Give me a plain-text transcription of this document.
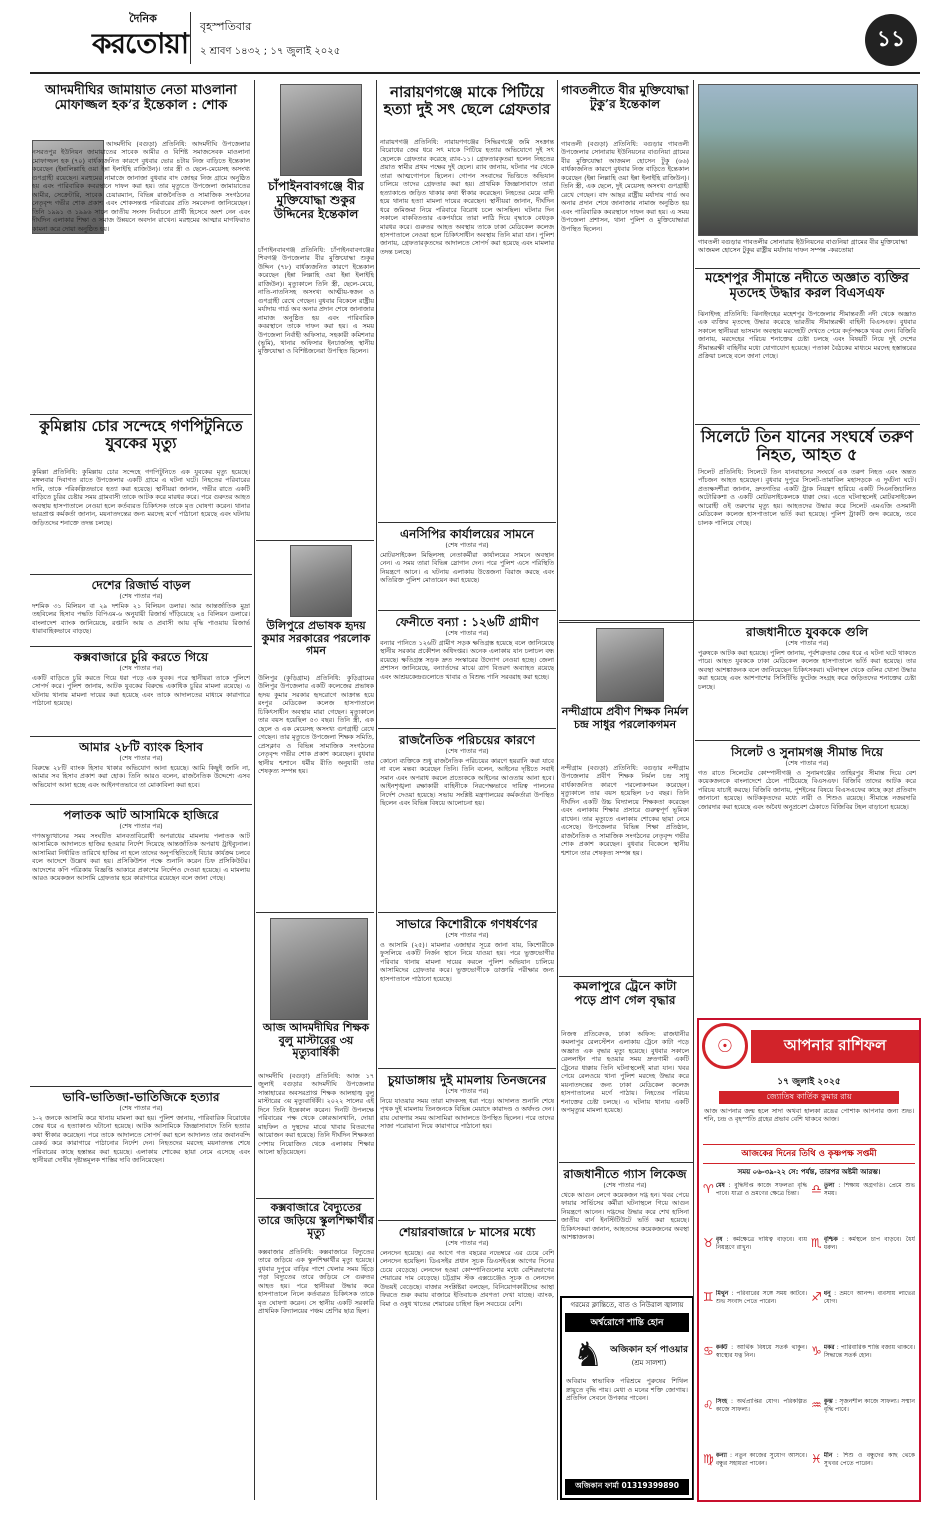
দৈনিক
করতোয়া
বৃহস্পতিবার
২ শ্রাবণ ১৪৩২ ; ১৭ জুলাই ২০২৫	১১
আদমদীঘির জামায়াত নেতা মাওলানা মোফাজ্জল হক’র ইন্তেকাল : শোক
আদমদীঘি (বগুড়া) প্রতিনিধি: আদমদীঘি উপজেলার নসরতপুর ইউনিয়ন জামায়াতের সাবেক আমীর ও বিশিষ্ট সমাজসেবক মাওলানা মোফাজ্জল হক (৭০) বার্ধক্যজনিত কারণে বুধবার ভোর ৪টায় নিজ বাড়িতে ইন্তেকাল করেছেন (ইন্নালিল্লাহি ওয়া ইন্না ইলাইহি রাজিউন)। তার স্ত্রী ও ছেলে-মেয়েসহ অসংখ্য গুণগ্রাহী রয়েছেন। মরহুমের নামাজে জানাজা বুধবার বাদ জোহর নিজ গ্রামে অনুষ্ঠিত হয় এবং পারিবারিক কবরস্থানে দাফন করা হয়। তার মৃত্যুতে উপজেলা জামায়াতের আমীর, সেক্রেটারি, সাবেক চেয়ারম্যান, বিভিন্ন রাজনৈতিক ও সামাজিক সংগঠনের নেতৃবৃন্দ গভীর শোক প্রকাশ এবং শোকসন্তপ্ত পরিবারের প্রতি সমবেদনা জানিয়েছেন। তিনি ১৯৯১ ও ১৯৯৬ সালে জাতীয় সংসদ নির্বাচনে প্রার্থী হিসেবে অংশ নেন এবং দীর্ঘদিন এলাকার শিক্ষা ও সমাজ উন্নয়নে অবদান রাখেন। মরহুমের আত্মার মাগফিরাত কামনা করে দোয়া অনুষ্ঠিত হয়।
কুমিল্লায় চোর সন্দেহে গণপিটুনিতে যুবকের মৃত্যু
কুমিল্লা প্রতিনিধি: কুমিল্লায় চোর সন্দেহে গণপিটুনিতে এক যুবকের মৃত্যু হয়েছে। মঙ্গলবার দিবাগত রাতে উপজেলার একটি গ্রামে এ ঘটনা ঘটে। নিহতের পরিবারের দাবি, তাকে পরিকল্পিতভাবে হত্যা করা হয়েছে। স্থানীয়রা জানান, গভীর রাতে একটি বাড়িতে চুরির চেষ্টার সময় গ্রামবাসী তাকে আটক করে মারধর করে। পরে গুরুতর আহত অবস্থায় হাসপাতালে নেওয়া হলে কর্তব্যরত চিকিৎসক তাকে মৃত ঘোষণা করেন। থানার ভারপ্রাপ্ত কর্মকর্তা জানান, ময়নাতদন্তের জন্য মরদেহ মর্গে পাঠানো হয়েছে এবং ঘটনায় জড়িতদের শনাক্তে তদন্ত চলছে।
দেশের রিজার্ভ বাড়ল
(শেষ পাতার পর)
দশমিক ৩১ মিলিয়ন বা ২৯ দশমিক ২১ বিলিয়ন ডলার। আর আন্তর্জাতিক মুদ্রা তহবিলের হিসাব পদ্ধতি বিপিএম-৬ অনুযায়ী রিজার্ভ দাঁড়িয়েছে ২৪ বিলিয়ন ডলারে। বাংলাদেশ ব্যাংক জানিয়েছে, রপ্তানি আয় ও প্রবাসী আয় বৃদ্ধি পাওয়ায় রিজার্ভ ধারাবাহিকভাবে বাড়ছে।
কক্সবাজারে চুরি করতে গিয়ে
(শেষ পাতার পর)
একটি বাড়িতে চুরি করতে গিয়ে ধরা পড়ে এক যুবক। পরে স্থানীয়রা তাকে পুলিশে সোপর্দ করে। পুলিশ জানায়, আটক যুবকের বিরুদ্ধে একাধিক চুরির মামলা রয়েছে। এ ঘটনায় থানায় মামলা দায়ের করা হয়েছে এবং তাকে আদালতের মাধ্যমে কারাগারে পাঠানো হয়েছে।
আমার ২৮টি ব্যাংক হিসাব
(শেষ পাতার পর)
বিরুদ্ধে ২৮টি ব্যাংক হিসাব থাকার অভিযোগ আনা হয়েছে। আমি কিছুই জানি না, আমার সব হিসাব প্রকাশ করা হোক। তিনি আরও বলেন, রাজনৈতিক উদ্দেশ্যে এসব অভিযোগ আনা হচ্ছে এবং আইনগতভাবে তা মোকাবিলা করা হবে।
পলাতক আট আসামিকে হাজিরে
(শেষ পাতার পর)
গণঅভ্যুত্থানের সময় সংঘটিত মানবতাবিরোধী অপরাধের মামলায় পলাতক আট আসামিকে আদালতে হাজির হওয়ার নির্দেশ দিয়েছে আন্তর্জাতিক অপরাধ ট্রাইব্যুনাল। আসামিরা নির্ধারিত তারিখে হাজির না হলে তাদের অনুপস্থিতিতেই বিচার কার্যক্রম চলবে বলে আদেশে উল্লেখ করা হয়। প্রসিকিউশন পক্ষে শুনানি করেন চিফ প্রসিকিউটর। আদেশের কপি পত্রিকায় বিজ্ঞপ্তি আকারে প্রকাশের নির্দেশও দেওয়া হয়েছে। এ মামলায় আরও কয়েকজন আসামি গ্রেফতার হয়ে কারাগারে রয়েছেন বলে জানা গেছে।
ভাবি-ভাতিজা-ভাতিজিকে হত্যার
(শেষ পাতার পর)
১-২ জনকে আসামি করে থানায় মামলা করা হয়। পুলিশ জানায়, পারিবারিক বিরোধের জের ধরে এ হত্যাকাণ্ড ঘটানো হয়েছে। আটক আসামিকে জিজ্ঞাসাবাদে তিনি হত্যার কথা স্বীকার করেছেন। পরে তাকে আদালতে সোপর্দ করা হলে আদালত তার জবানবন্দি রেকর্ড করে কারাগারে পাঠানোর নির্দেশ দেন। নিহতদের মরদেহ ময়নাতদন্ত শেষে পরিবারের কাছে হস্তান্তর করা হয়েছে। এলাকায় শোকের ছায়া নেমে এসেছে এবং স্থানীয়রা দোষীর দৃষ্টান্তমূলক শাস্তির দাবি জানিয়েছেন।
চাঁপাইনবাবগঞ্জে বীর মুক্তিযোদ্ধা শুকুর উদ্দিনের ইন্তেকাল
চাঁপাইনবাবগঞ্জ প্রতিনিধি: চাঁপাইনবাবগঞ্জের শিবগঞ্জ উপজেলার বীর মুক্তিযোদ্ধা শুকুর উদ্দিন (৭৮) বার্ধক্যজনিত কারণে ইন্তেকাল করেছেন (ইন্না লিল্লাহি ওয়া ইন্না ইলাইহি রাজিউন)। মৃত্যুকালে তিনি স্ত্রী, ছেলে-মেয়ে, নাতি-নাতনিসহ অসংখ্য আত্মীয়-স্বজন ও গুণগ্রাহী রেখে গেছেন। বুধবার বিকেলে রাষ্ট্রীয় মর্যাদায় গার্ড অব অনার প্রদান শেষে জানাজার নামাজ অনুষ্ঠিত হয় এবং পারিবারিক কবরস্থানে তাকে দাফন করা হয়। এ সময় উপজেলা নির্বাহী অফিসার, সহকারী কমিশনার (ভূমি), থানার অফিসার ইনচার্জসহ স্থানীয় মুক্তিযোদ্ধা ও বিশিষ্টজনেরা উপস্থিত ছিলেন।
উলিপুরে প্রভাষক হৃদয় কুমার সরকারের পরলোক গমন
উলিপুর (কুড়িগ্রাম) প্রতিনিধি: কুড়িগ্রামের উলিপুর উপজেলার একটি কলেজের প্রভাষক হৃদয় কুমার সরকার হৃদরোগে আক্রান্ত হয়ে রংপুর মেডিকেল কলেজ হাসপাতালে চিকিৎসাধীন অবস্থায় মারা গেছেন। মৃত্যুকালে তার বয়স হয়েছিল ৫৩ বছর। তিনি স্ত্রী, এক ছেলে ও এক মেয়েসহ অসংখ্য গুণগ্রাহী রেখে গেছেন। তার মৃত্যুতে উপজেলা শিক্ষক সমিতি, প্রেসক্লাব ও বিভিন্ন সামাজিক সংগঠনের নেতৃবৃন্দ গভীর শোক প্রকাশ করেছেন। বুধবার স্থানীয় শ্মশানে ধর্মীয় রীতি অনুযায়ী তার শেষকৃত্য সম্পন্ন হয়।
আজ আদমদীঘির শিক্ষক বুলু মাস্টারের ৩য় মৃত্যুবার্ষিকী
আদমদীঘি (বগুড়া) প্রতিনিধি: আজ ১৭ জুলাই বগুড়ার আদমদীঘি উপজেলার সান্তাহারের অবসরপ্রাপ্ত শিক্ষক আলহাজ্ব বুলু মাস্টারের ৩য় মৃত্যুবার্ষিকী। ২০২২ সালের এই দিনে তিনি ইন্তেকাল করেন। দিনটি উপলক্ষে পরিবারের পক্ষ থেকে কোরআনখানি, দোয়া মাহফিল ও দুস্থদের মাঝে খাবার বিতরণের আয়োজন করা হয়েছে। তিনি দীর্ঘদিন শিক্ষকতা পেশায় নিয়োজিত থেকে এলাকায় শিক্ষার আলো ছড়িয়েছেন।
কক্সবাজারে বৈদ্যুতের তারে জড়িয়ে স্কুলশিক্ষার্থীর মৃত্যু
কক্সবাজার প্রতিনিধি: কক্সবাজারে বিদ্যুতের তারে জড়িয়ে এক স্কুলশিক্ষার্থীর মৃত্যু হয়েছে। বুধবার দুপুরে বাড়ির পাশে খেলার সময় ছিঁড়ে পড়া বিদ্যুতের তারে জড়িয়ে সে গুরুতর আহত হয়। পরে স্থানীয়রা উদ্ধার করে হাসপাতালে নিলে কর্তব্যরত চিকিৎসক তাকে মৃত ঘোষণা করেন। সে স্থানীয় একটি সরকারি প্রাথমিক বিদ্যালয়ের পঞ্চম শ্রেণির ছাত্র ছিল।
নারায়ণগঞ্জে মাকে পিটিয়ে হত্যা দুই সৎ ছেলে গ্রেফতার
নারায়ণগঞ্জ প্রতিনিধি: নারায়ণগঞ্জের সিদ্ধিরগঞ্জে জমি সংক্রান্ত বিরোধের জের ধরে সৎ মাকে পিটিয়ে হত্যার অভিযোগে দুই সৎ ছেলেকে গ্রেফতার করেছে র‌্যাব-১১। গ্রেফতারকৃতরা হলেন নিহতের প্রয়াত স্বামীর প্রথম পক্ষের দুই ছেলে। র‌্যাব জানায়, ঘটনার পর থেকে তারা আত্মগোপনে ছিলেন। গোপন সংবাদের ভিত্তিতে অভিযান চালিয়ে তাদের গ্রেফতার করা হয়। প্রাথমিক জিজ্ঞাসাবাদে তারা হত্যাকাণ্ডে জড়িত থাকার কথা স্বীকার করেছেন। নিহতের মেয়ে বাদী হয়ে থানায় হত্যা মামলা দায়ের করেছেন। স্থানীয়রা জানান, দীর্ঘদিন ধরে জমিজমা নিয়ে পরিবারে বিরোধ চলে আসছিল। ঘটনার দিন সকালে বাকবিতণ্ডার একপর্যায়ে তারা লাঠি দিয়ে বৃদ্ধাকে বেধড়ক মারধর করে। গুরুতর আহত অবস্থায় তাকে ঢাকা মেডিকেল কলেজ হাসপাতালে নেওয়া হলে চিকিৎসাধীন অবস্থায় তিনি মারা যান। পুলিশ জানায়, গ্রেফতারকৃতদের আদালতে সোপর্দ করা হয়েছে এবং মামলার তদন্ত চলছে।
এনসিপির কার্যালয়ের সামনে
(শেষ পাতার পর)
মোটরসাইকেল মিছিলসহ নেতাকর্মীরা কার্যালয়ের সামনে অবস্থান নেন। এ সময় তারা বিভিন্ন স্লোগান দেন। পরে পুলিশ এসে পরিস্থিতি নিয়ন্ত্রণে আনে। এ ঘটনায় এলাকায় উত্তেজনা বিরাজ করছে এবং অতিরিক্ত পুলিশ মোতায়েন করা হয়েছে।
ফেনীতে বন্যা : ১২৬টি গ্রামীণ
(শেষ পাতার পর)
বন্যার পানিতে ১২৬টি গ্রামীণ সড়ক ক্ষতিগ্রস্ত হয়েছে বলে জানিয়েছে স্থানীয় সরকার প্রকৌশল অধিদপ্তর। অনেক এলাকায় যান চলাচল বন্ধ রয়েছে। ক্ষতিগ্রস্ত সড়ক দ্রুত সংস্কারের উদ্যোগ নেওয়া হচ্ছে। জেলা প্রশাসন জানিয়েছে, বন্যার্তদের মাঝে ত্রাণ বিতরণ অব্যাহত রয়েছে এবং আশ্রয়কেন্দ্রগুলোতে খাবার ও বিশুদ্ধ পানি সরবরাহ করা হচ্ছে।
রাজনৈতিক পরিচয়ের কারণে
(শেষ পাতার পর)
কোনো ব্যক্তিকে শুধু রাজনৈতিক পরিচয়ের কারণে হয়রানি করা যাবে না বলে মন্তব্য করেছেন তিনি। তিনি বলেন, আইনের দৃষ্টিতে সবাই সমান এবং অপরাধ করলে প্রত্যেককে আইনের আওতায় আনা হবে। আইনশৃঙ্খলা রক্ষাকারী বাহিনীকে নিরপেক্ষভাবে দায়িত্ব পালনের নির্দেশ দেওয়া হয়েছে। সভায় সংশ্লিষ্ট মন্ত্রণালয়ের কর্মকর্তারা উপস্থিত ছিলেন এবং বিভিন্ন বিষয়ে আলোচনা হয়।
সাভারে কিশোরীকে গণধর্ষণের
(শেষ পাতার পর)
ও আসামি (২৫)। মামলার এজাহার সূত্রে জানা যায়, কিশোরীকে ফুসলিয়ে একটি নির্জন স্থানে নিয়ে যাওয়া হয়। পরে ভুক্তভোগীর পরিবার থানায় মামলা দায়ের করলে পুলিশ অভিযান চালিয়ে আসামিদের গ্রেফতার করে। ভুক্তভোগীকে ডাক্তারি পরীক্ষার জন্য হাসপাতালে পাঠানো হয়েছে।
চুয়াডাঙ্গায় দুই মামলায় তিনজনের
(শেষ পাতার পর)
নিয়ে যাওয়ার সময় তারা মাদকসহ ধরা পড়ে। আদালত শুনানি শেষে পৃথক দুই মামলায় তিনজনকে বিভিন্ন মেয়াদে কারাদণ্ড ও অর্থদণ্ড দেন। রায় ঘোষণার সময় আসামিরা আদালতে উপস্থিত ছিলেন। পরে তাদের সাজা পরোয়ানা দিয়ে কারাগারে পাঠানো হয়।
শেয়ারবাজারে ৮ মাসের মধ্যে
(শেষ পাতার পর)
লেনদেন হয়েছে। এর আগে গত বছরের নভেম্বরে এর চেয়ে বেশি লেনদেন হয়েছিল। ডিএসইর প্রধান সূচক ডিএসইএক্স আগের দিনের চেয়ে বেড়েছে। লেনদেন হওয়া কোম্পানিগুলোর মধ্যে বেশিরভাগের শেয়ারের দাম বেড়েছে। চট্টগ্রাম স্টক এক্সচেঞ্জেও সূচক ও লেনদেন উভয়ই বেড়েছে। বাজার সংশ্লিষ্টরা বলছেন, বিনিয়োগকারীদের আস্থা ফিরতে শুরু করায় বাজারে ইতিবাচক প্রবণতা দেখা যাচ্ছে। ব্যাংক, বিমা ও ওষুধ খাতের শেয়ারের চাহিদা ছিল সবচেয়ে বেশি।
গাবতলীতে বীর মুক্তিযোদ্ধা টুকু’র ইন্তেকাল
গাবতলী (বগুড়া) প্রতিনিধি: বগুড়ার গাবতলী উপজেলার সোনারায় ইউনিয়নের বাগুনিয়া গ্রামের বীর মুক্তিযোদ্ধা আজমল হোসেন টুকু (৬৬) বার্ধক্যজনিত কারণে বুধবার নিজ বাড়িতে ইন্তেকাল করেছেন (ইন্না লিল্লাহি ওয়া ইন্না ইলাইহি রাজিউন)। তিনি স্ত্রী, এক ছেলে, দুই মেয়েসহ অসংখ্য গুণগ্রাহী রেখে গেছেন। বাদ আছর রাষ্ট্রীয় মর্যাদায় গার্ড অব অনার প্রদান শেষে জানাজার নামাজ অনুষ্ঠিত হয় এবং পারিবারিক কবরস্থানে দাফন করা হয়। এ সময় উপজেলা প্রশাসন, থানা পুলিশ ও মুক্তিযোদ্ধারা উপস্থিত ছিলেন।
নন্দীগ্রামে প্রবীণ শিক্ষক নির্মল চন্দ্র সাধুর পরলোকগমন
নন্দীগ্রাম (বগুড়া) প্রতিনিধি: বগুড়ার নন্দীগ্রাম উপজেলার প্রবীণ শিক্ষক নির্মল চন্দ্র সাধু বার্ধক্যজনিত কারণে পরলোকগমন করেছেন। মৃত্যুকালে তার বয়স হয়েছিল ৮৫ বছর। তিনি দীর্ঘদিন একটি উচ্চ বিদ্যালয়ে শিক্ষকতা করেছেন এবং এলাকায় শিক্ষার প্রসারে গুরুত্বপূর্ণ ভূমিকা রাখেন। তার মৃত্যুতে এলাকায় শোকের ছায়া নেমে এসেছে। উপজেলার বিভিন্ন শিক্ষা প্রতিষ্ঠান, রাজনৈতিক ও সামাজিক সংগঠনের নেতৃবৃন্দ গভীর শোক প্রকাশ করেছেন। বুধবার বিকেলে স্থানীয় শ্মশানে তার শেষকৃত্য সম্পন্ন হয়।
কমলাপুরে ট্রেনে কাটা পড়ে প্রাণ গেল বৃদ্ধার
নিজস্ব প্রতিবেদক, ঢাকা অফিস: রাজধানীর কমলাপুর রেলস্টেশন এলাকায় ট্রেনে কাটা পড়ে অজ্ঞাত এক বৃদ্ধার মৃত্যু হয়েছে। বুধবার সকালে রেললাইন পার হওয়ার সময় দ্রুতগামী একটি ট্রেনের ধাক্কায় তিনি ঘটনাস্থলেই মারা যান। খবর পেয়ে রেলওয়ে থানা পুলিশ মরদেহ উদ্ধার করে ময়নাতদন্তের জন্য ঢাকা মেডিকেল কলেজ হাসপাতালের মর্গে পাঠায়। নিহতের পরিচয় শনাক্তের চেষ্টা চলছে। এ ঘটনায় থানায় একটি অপমৃত্যুর মামলা হয়েছে।
রাজধানীতে গ্যাস লিকেজ
(শেষ পাতার পর)
থেকে আগুন লেগে কয়েকজন দগ্ধ হন। খবর পেয়ে ফায়ার সার্ভিসের কর্মীরা ঘটনাস্থলে গিয়ে আগুন নিয়ন্ত্রণে আনেন। দগ্ধদের উদ্ধার করে শেখ হাসিনা জাতীয় বার্ন ইনস্টিটিউটে ভর্তি করা হয়েছে। চিকিৎসকরা জানান, আহতদের কয়েকজনের অবস্থা আশঙ্কাজনক।
গরমের ক্লান্তিতে, বাত ও নিউরাল জ্বালায়
অর্শ্বরোগে শান্তি হোন
♞ অজিকান হর্স পাওয়ার
(শ্রম সালশা)
অবিরাম স্বাভাবিক পরিশ্রমে পুরুষের শিথিল স্নায়ুতে বৃদ্ধি পায়। মেধা ও মনের শক্তি জোগায়। প্রতিদিন সেবনে উপকার পাবেন।
অজিকান ফার্মা 01319399890
গাবতলী বগুড়ার গাবতলীর সোনারায় ইউনিয়নের বাগুনিয়া গ্রামের বীর মুক্তিযোদ্ধা আজমল হোসেন টুকুর রাষ্ট্রীয় মর্যাদায় দাফন সম্পন্ন -করতোয়া
মহেশপুর সীমান্তে নদীতে অজ্ঞাত ব্যক্তির মৃতদেহ উদ্ধার করল বিএসএফ
ঝিনাইদহ প্রতিনিধি: ঝিনাইদহের মহেশপুর উপজেলার সীমান্তবর্তী নদী থেকে অজ্ঞাত এক ব্যক্তির মৃতদেহ উদ্ধার করেছে ভারতীয় সীমান্তরক্ষী বাহিনী বিএসএফ। বুধবার সকালে স্থানীয়রা ভাসমান অবস্থায় মরদেহটি দেখতে পেয়ে কর্তৃপক্ষকে খবর দেন। বিজিবি জানায়, মরদেহের পরিচয় শনাক্তের চেষ্টা চলছে এবং বিষয়টি নিয়ে দুই দেশের সীমান্তরক্ষী বাহিনীর মধ্যে যোগাযোগ হয়েছে। পতাকা বৈঠকের মাধ্যমে মরদেহ হস্তান্তরের প্রক্রিয়া চলছে বলে জানা গেছে।
সিলেটে তিন যানের সংঘর্ষে তরুণ নিহত, আহত ৫
সিলেট প্রতিনিধি: সিলেটে তিন যানবাহনের সংঘর্ষে এক তরুণ নিহত এবং অন্তত পাঁচজন আহত হয়েছেন। বুধবার দুপুরে সিলেট-তামাবিল মহাসড়কে এ দুর্ঘটনা ঘটে। প্রত্যক্ষদর্শীরা জানান, দ্রুতগতির একটি ট্রাক নিয়ন্ত্রণ হারিয়ে একটি সিএনজিচালিত অটোরিকশা ও একটি মোটরসাইকেলকে ধাক্কা দেয়। এতে ঘটনাস্থলেই মোটরসাইকেল আরোহী ওই তরুণের মৃত্যু হয়। আহতদের উদ্ধার করে সিলেট এমএজি ওসমানী মেডিকেল কলেজ হাসপাতালে ভর্তি করা হয়েছে। পুলিশ ট্রাকটি জব্দ করেছে, তবে চালক পালিয়ে গেছে।
রাজধানীতে যুবককে গুলি
(শেষ পাতার পর)
পুরুষকে আটক করা হয়েছে। পুলিশ জানায়, পূর্বশত্রুতার জের ধরে এ ঘটনা ঘটে থাকতে পারে। আহত যুবককে ঢাকা মেডিকেল কলেজ হাসপাতালে ভর্তি করা হয়েছে। তার অবস্থা আশঙ্কাজনক বলে জানিয়েছেন চিকিৎসকরা। ঘটনাস্থল থেকে গুলির খোসা উদ্ধার করা হয়েছে এবং আশপাশের সিসিটিভি ফুটেজ সংগ্রহ করে জড়িতদের শনাক্তের চেষ্টা চলছে।
সিলেট ও সুনামগঞ্জ সীমান্ত দিয়ে
(শেষ পাতার পর)
গত রাতে সিলেটের কোম্পানীগঞ্জ ও সুনামগঞ্জের তাহিরপুর সীমান্ত দিয়ে বেশ কয়েকজনকে বাংলাদেশে ঠেলে পাঠিয়েছে বিএসএফ। বিজিবি তাদের আটক করে পরিচয় যাচাই করছে। বিজিবি জানায়, পুশইনের বিষয়ে বিএসএফের কাছে কড়া প্রতিবাদ জানানো হয়েছে। আটককৃতদের মধ্যে নারী ও শিশুও রয়েছে। সীমান্তে নজরদারি জোরদার করা হয়েছে এবং অবৈধ অনুপ্রবেশ ঠেকাতে বিজিবির টহল বাড়ানো হয়েছে।
☉	আপনার রাশিফল
১৭ জুলাই ২০২৫
জ্যোতিষ কার্তিক কুমার রায়
আজ আপনার জন্ম হলে সাদা অথবা হালকা রঙের পোশাক আপনার জন্য শুভ। শনি, চন্দ্র ও বৃহস্পতি গ্রহের প্রভাব বেশি থাকবে আজ।
আজকের দিনের তিথি ও কৃষ্ণপক্ষ সপ্তমী
সময় ০৬-৩৯-২২ সে: পর্যন্ত, তারপর অষ্টমী আরম্ভ।
♈ মেষ : বুদ্ধিদীপ্ত কাজে সফলতা বৃদ্ধি পাবে। যাত্রা ও ভ্রমণের ক্ষেত্রে চিন্তা।	♎ তুলা : শিক্ষায় অগ্রগতি। প্রেমে শুভ সময়।
♉ বৃষ : কর্মক্ষেত্রে দায়িত্ব বাড়বে। ব্যয় নিয়ন্ত্রণে রাখুন।	♏ বৃশ্চিক : কর্মস্থলে চাপ বাড়বে। ধৈর্য ধরুন।
♊ মিথুন : পরিবারের সঙ্গে সময় কাটবে। শুভ সংবাদ পেতে পারেন।	♐ ধনু : ভ্রমণে আনন্দ। ব্যবসায় লাভের যোগ।
♋ কর্কট : আর্থিক বিষয়ে সতর্ক থাকুন। স্বাস্থ্যের যত্ন নিন।	♑ মকর : পারিবারিক শান্তি বজায় থাকবে। সিদ্ধান্তে সতর্ক হোন।
♌ সিংহ : অর্থপ্রাপ্তির যোগ। পরিকল্পিত কাজে সাফল্য।	♒ কুম্ভ : সৃজনশীল কাজে সাফল্য। সম্মান বৃদ্ধি পাবে।
♍ কন্যা : নতুন কাজের সুযোগ আসবে। বন্ধুর সহায়তা পাবেন।	♓ মীন : শিশু ও বন্ধুদের কাছ থেকে সুখবর পেতে পারেন।
